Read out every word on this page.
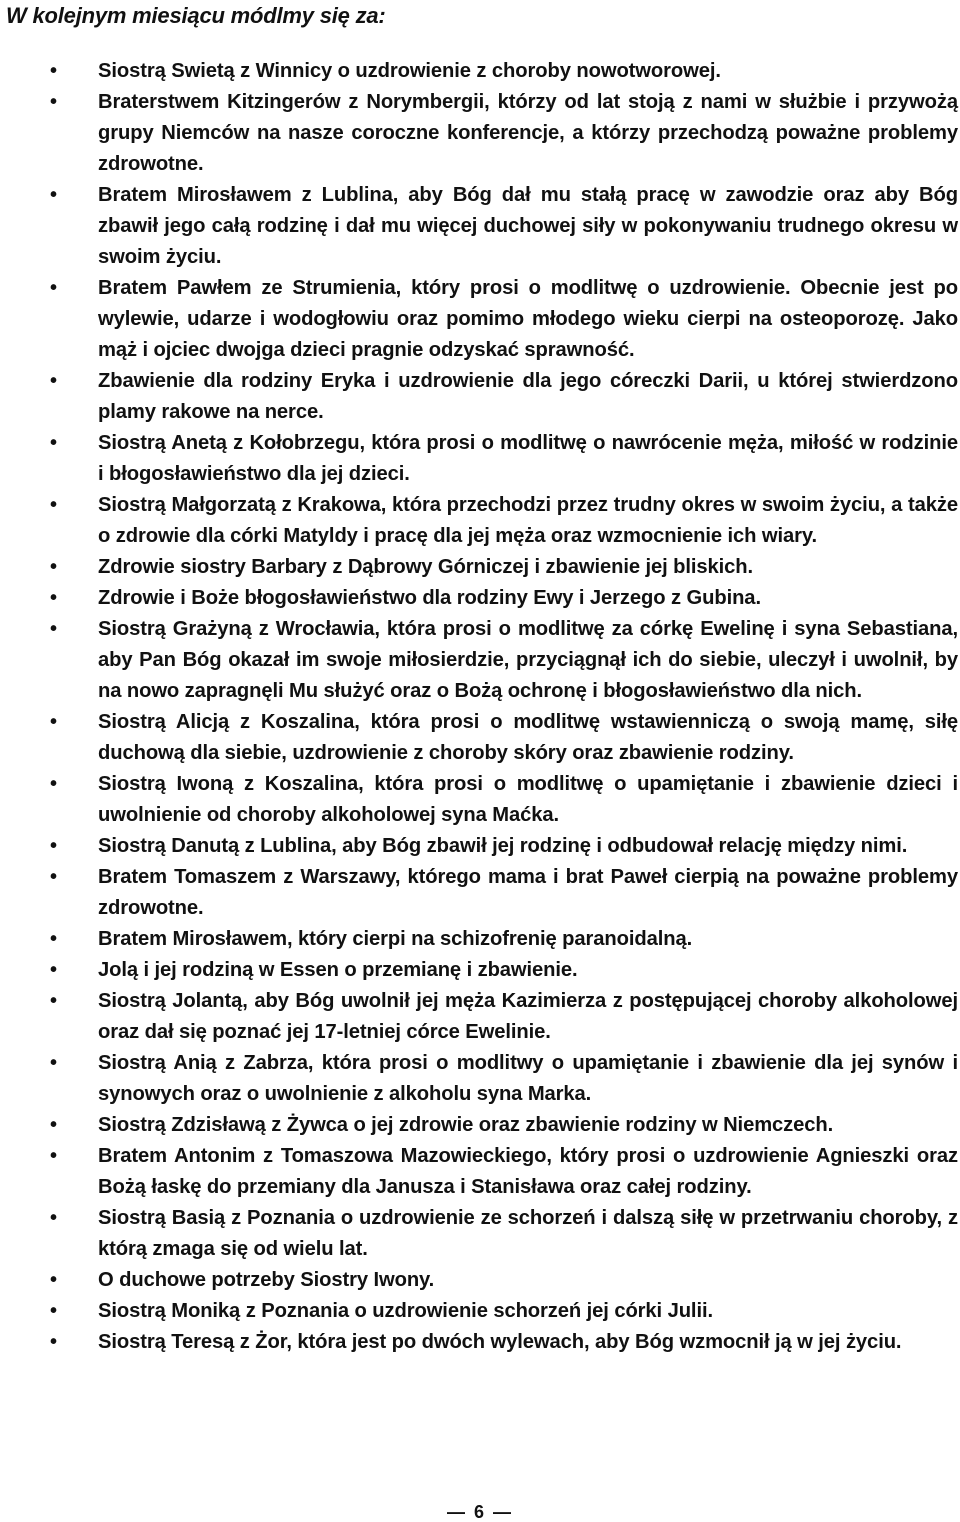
W kolejnym miesiącu módlmy się za:
•	Siostrą Swietą z Winnicy o uzdrowienie z choroby nowotworowej.
•	Braterstwem Kitzingerów z Norymbergii, którzy od lat stoją z nami w służbie i przywożą grupy Niemców na nasze coroczne konferencje, a którzy przechodzą poważne problemy zdrowotne.
•	Bratem Mirosławem z Lublina, aby Bóg dał mu stałą pracę w zawodzie oraz aby Bóg zbawił jego całą rodzinę i dał mu więcej duchowej siły w pokonywaniu trudnego okresu w swoim życiu.
•	Bratem Pawłem ze Strumienia, który prosi o modlitwę o uzdrowienie. Obecnie jest po wylewie, udarze i wodogłowiu oraz pomimo młodego wieku cierpi na osteoporozę. Jako mąż i ojciec dwojga dzieci pragnie odzyskać sprawność.
•	Zbawienie dla rodziny Eryka i uzdrowienie dla jego córeczki Darii, u której stwierdzono plamy rakowe na nerce.
•	Siostrą Anetą z Kołobrzegu, która prosi o modlitwę o nawrócenie męża, miłość w rodzinie i błogosławieństwo dla jej dzieci.
•	Siostrą Małgorzatą z Krakowa, która przechodzi przez trudny okres w swoim życiu, a także o zdrowie dla córki Matyldy i pracę dla jej męża oraz wzmocnienie ich wiary.
•	Zdrowie siostry Barbary z Dąbrowy Górniczej i zbawienie jej bliskich.
•	Zdrowie i Boże błogosławieństwo dla rodziny Ewy i Jerzego z Gubina.
•	Siostrą Grażyną z Wrocławia, która prosi o modlitwę za córkę Ewelinę i syna Sebastiana, aby Pan Bóg okazał im swoje miłosierdzie, przyciągnął ich do siebie, uleczył i uwolnił, by na nowo zapragnęli Mu służyć oraz o Bożą ochronę i błogosławieństwo dla nich.
•	Siostrą Alicją z Koszalina, która prosi o modlitwę wstawienniczą o swoją mamę, siłę duchową dla siebie, uzdrowienie z choroby skóry oraz zbawienie rodziny.
•	Siostrą Iwoną z Koszalina, która prosi o modlitwę o upamiętanie i zbawienie dzieci i uwolnienie od choroby alkoholowej syna Maćka.
•	Siostrą Danutą z Lublina, aby Bóg zbawił jej rodzinę i odbudował relację między nimi.
•	Bratem Tomaszem z Warszawy, którego mama i brat Paweł cierpią na poważne problemy zdrowotne.
•	Bratem Mirosławem, który cierpi na schizofrenię paranoidalną.
•	Jolą i jej rodziną w Essen o przemianę i zbawienie.
•	Siostrą Jolantą, aby Bóg uwolnił jej męża Kazimierza z postępującej choroby alkoholowej oraz dał się poznać jej 17-letniej córce Ewelinie.
•	Siostrą Anią z Zabrza, która prosi o modlitwy o upamiętanie i zbawienie dla jej synów i synowych oraz o uwolnienie z alkoholu syna Marka.
•	Siostrą Zdzisławą z Żywca o jej zdrowie oraz zbawienie rodziny w Niemczech.
•	Bratem Antonim z Tomaszowa Mazowieckiego, który prosi o uzdrowienie Agnieszki oraz Bożą łaskę do przemiany dla Janusza i Stanisława oraz całej rodziny.
•	Siostrą Basią z Poznania o uzdrowienie ze schorzeń i dalszą siłę w przetrwaniu choroby, z którą zmaga się od wielu lat.
•	O duchowe potrzeby Siostry Iwony.
•	Siostrą Moniką z Poznania o uzdrowienie schorzeń jej córki Julii.
•	Siostrą Teresą z Żor, która jest po dwóch wylewach, aby Bóg wzmocnił ją w jej życiu.
— 6 —
